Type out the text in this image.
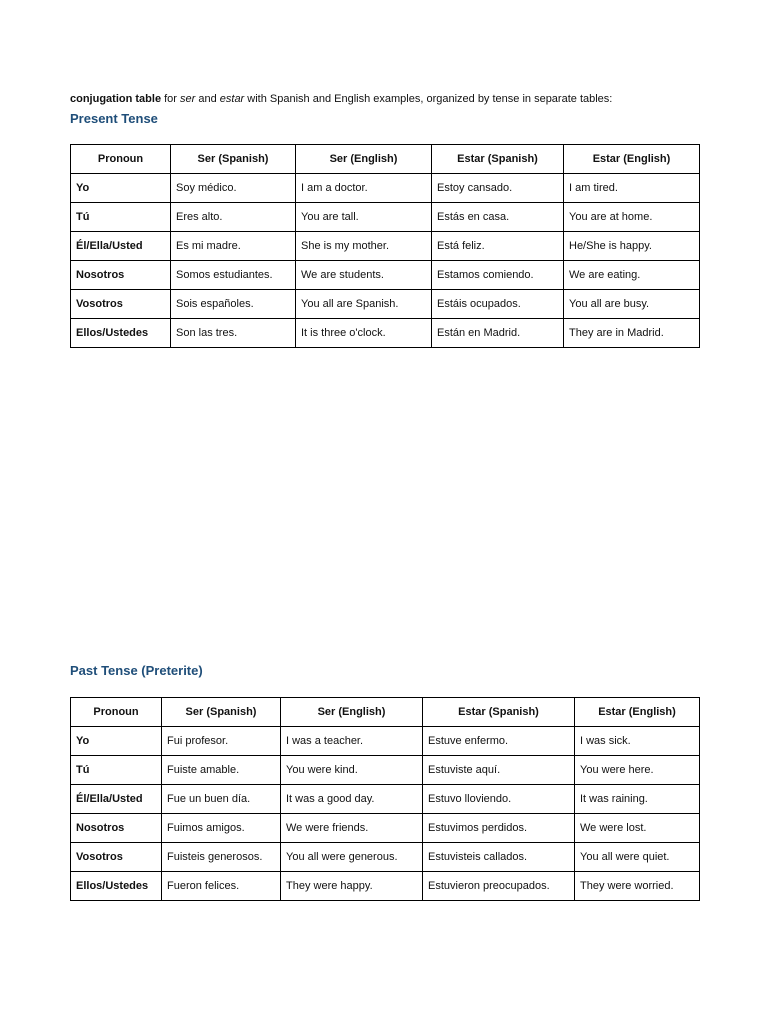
conjugation table for ser and estar with Spanish and English examples, organized by tense in separate tables:

Present Tense
Pronoun	Ser (Spanish)	Ser (English)	Estar (Spanish)	Estar (English)
Yo	Soy médico.	I am a doctor.	Estoy cansado.	I am tired.
Tú	Eres alto.	You are tall.	Estás en casa.	You are at home.
Él/Ella/Usted	Es mi madre.	She is my mother.	Está feliz.	He/She is happy.
Nosotros	Somos estudiantes.	We are students.	Estamos comiendo.	We are eating.
Vosotros	Sois españoles.	You all are Spanish.	Estáis ocupados.	You all are busy.
Ellos/Ustedes	Son las tres.	It is three o'clock.	Están en Madrid.	They are in Madrid.
Past Tense (Preterite)
Pronoun	Ser (Spanish)	Ser (English)	Estar (Spanish)	Estar (English)
Yo	Fui profesor.	I was a teacher.	Estuve enfermo.	I was sick.
Tú	Fuiste amable.	You were kind.	Estuviste aquí.	You were here.
Él/Ella/Usted	Fue un buen día.	It was a good day.	Estuvo lloviendo.	It was raining.
Nosotros	Fuimos amigos.	We were friends.	Estuvimos perdidos.	We were lost.
Vosotros	Fuisteis generosos.	You all were generous.	Estuvisteis callados.	You all were quiet.
Ellos/Ustedes	Fueron felices.	They were happy.	Estuvieron preocupados.	They were worried.
